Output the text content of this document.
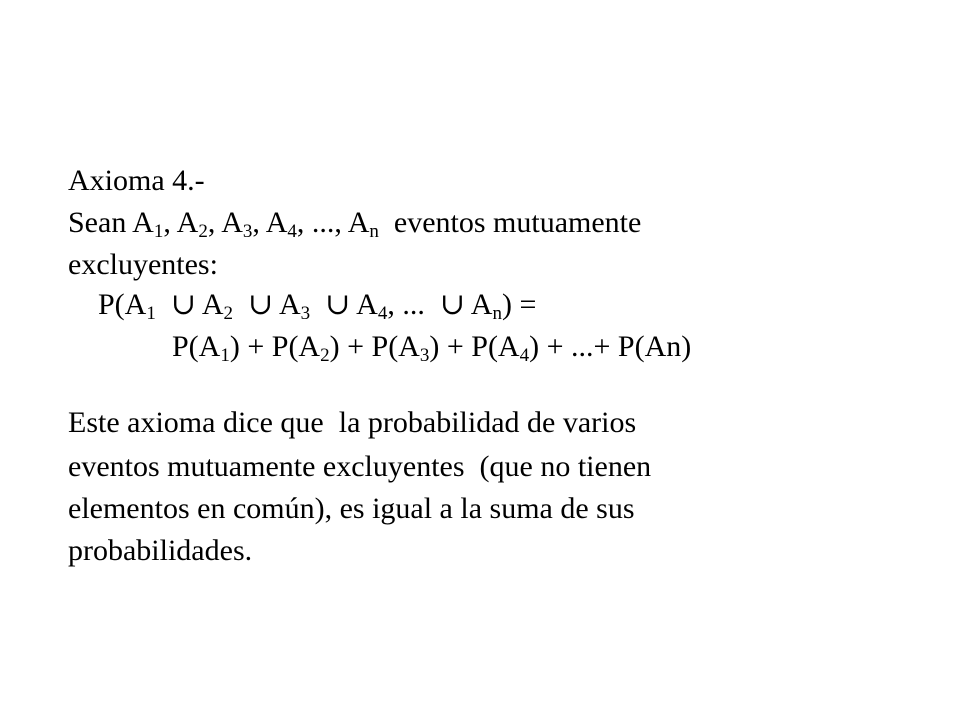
Axioma 4.-
Sean $A_1$, $A_2$, $A_3$, $A_4$, ..., $A_n$  eventos mutuamente
excluyentes:
$P(A_1$  ∪ $A_2$  ∪ $A_3$  ∪ $A_4$, ...  ∪ $A_n$) =
$P(A_1) + P(A_2) + P(A_3) + P(A_4)$ + ...+ P(An)
Este axioma dice que  la probabilidad de varios
eventos mutuamente excluyentes  (que no tienen
elementos en común), es igual a la suma de sus
probabilidades.
